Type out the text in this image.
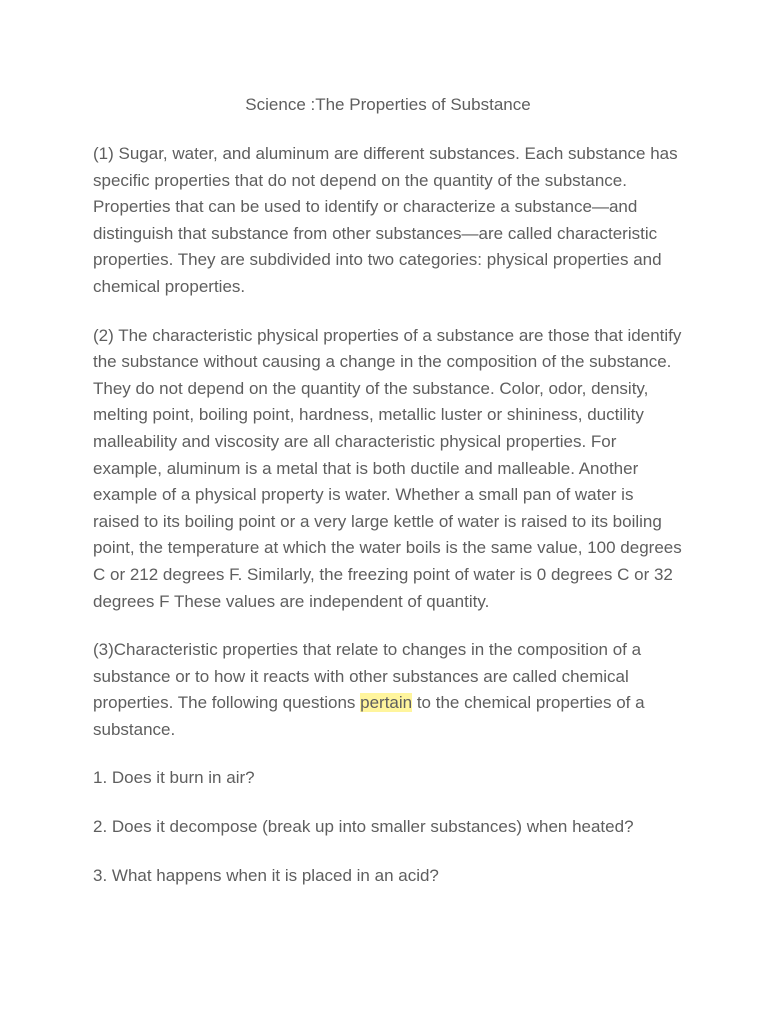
Science :The Properties of Substance

(1) Sugar, water, and aluminum are different substances. Each substance has specific properties that do not depend on the quantity of the substance. Properties that can be used to identify or characterize a substance—and distinguish that substance from other substances—are called characteristic properties. They are subdivided into two categories: physical properties and chemical properties.

(2) The characteristic physical properties of a substance are those that identify the substance without causing a change in the composition of the substance. They do not depend on the quantity of the substance. Color, odor, density, melting point, boiling point, hardness, metallic luster or shininess, ductility malleability and viscosity are all characteristic physical properties. For example, aluminum is a metal that is both ductile and malleable. Another example of a physical property is water. Whether a small pan of water is raised to its boiling point or a very large kettle of water is raised to its boiling point, the temperature at which the water boils is the same value, 100 degrees C or 212 degrees F. Similarly, the freezing point of water is 0 degrees C or 32 degrees F These values are independent of quantity.

(3)Characteristic properties that relate to changes in the composition of a substance or to how it reacts with other substances are called chemical properties. The following questions pertain to the chemical properties of a substance.

1. Does it burn in air?

2. Does it decompose (break up into smaller substances) when heated?

3. What happens when it is placed in an acid?
